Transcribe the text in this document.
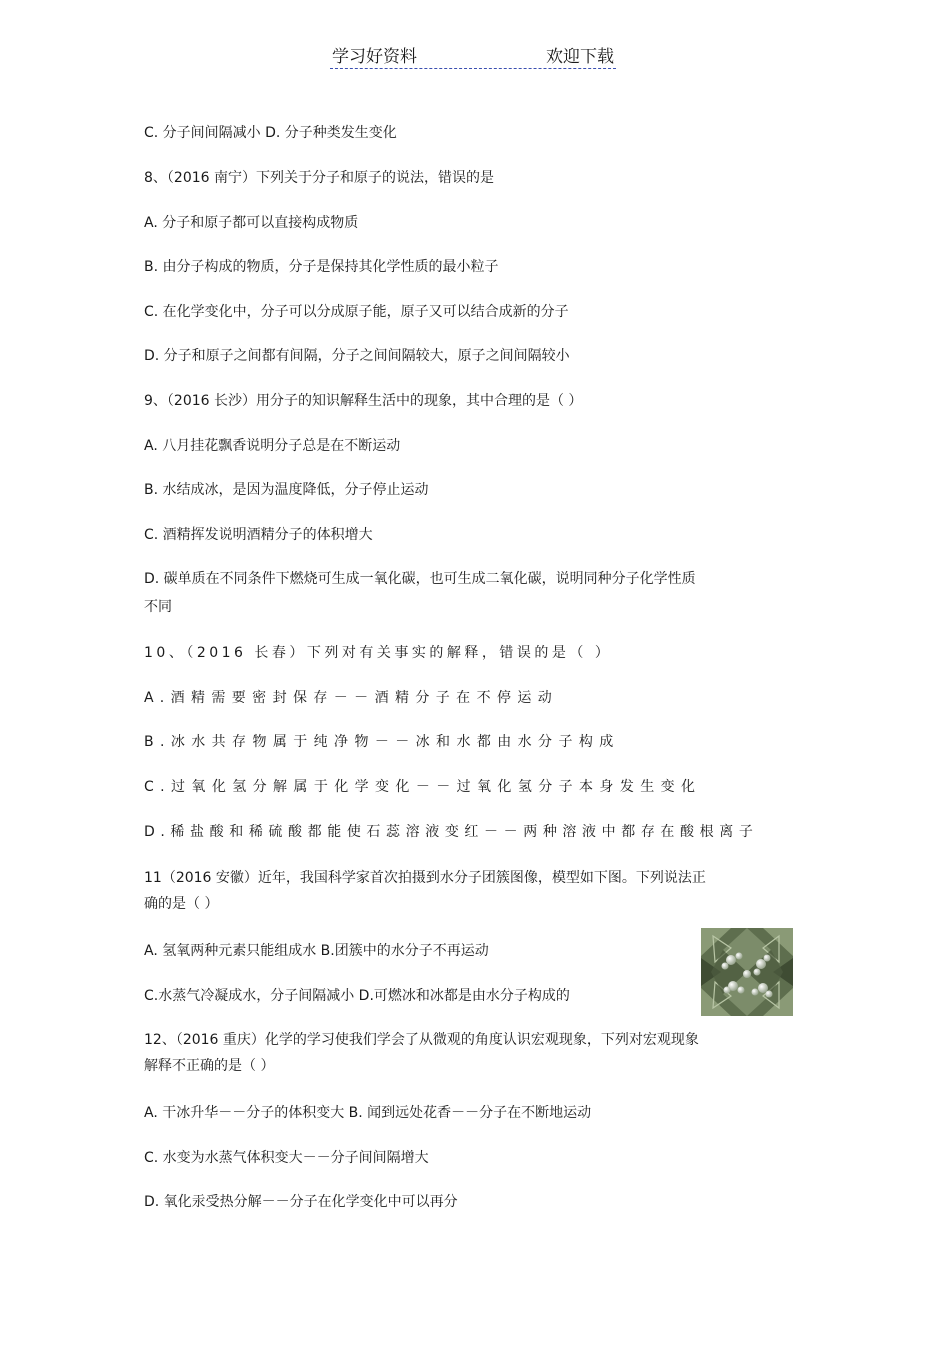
学习好资料	欢迎下载
C. 分子间间隔减小 D. 分子种类发生变化
8、（2016 南宁）下列关于分子和原子的说法，错误的是
A. 分子和原子都可以直接构成物质
B. 由分子构成的物质，分子是保持其化学性质的最小粒子
C. 在化学变化中，分子可以分成原子能，原子又可以结合成新的分子
D. 分子和原子之间都有间隔，分子之间间隔较大，原子之间间隔较小
9、（2016 长沙）用分子的知识解释生活中的现象，其中合理的是（ ）
A. 八月挂花飘香说明分子总是在不断运动
B. 水结成冰，是因为温度降低，分子停止运动
C. 酒精挥发说明酒精分子的体积增大
D. 碳单质在不同条件下燃烧可生成一氧化碳，也可生成二氧化碳，说明同种分子化学性质
不同
10、（2016 长春）下列对有关事实的解释，错误的是（ ）
A.酒精需要密封保存－－酒精分子在不停运动
B.冰水共存物属于纯净物－－冰和水都由水分子构成
C.过氧化氢分解属于化学变化－－过氧化氢分子本身发生变化
D.稀盐酸和稀硫酸都能使石蕊溶液变红－－两种溶液中都存在酸根离子
11（2016 安徽）近年，我国科学家首次拍摄到水分子团簇图像，模型如下图。下列说法正
确的是（ ）
A. 氢氧两种元素只能组成水 B.团簇中的水分子不再运动
C.水蒸气冷凝成水，分子间隔减小 D.可燃冰和冰都是由水分子构成的
12、（2016 重庆）化学的学习使我们学会了从微观的角度认识宏观现象，下列对宏观现象
解释不正确的是（ ）
A. 干冰升华－－分子的体积变大 B. 闻到远处花香－－分子在不断地运动
C. 水变为水蒸气体积变大－－分子间间隔增大
D. 氧化汞受热分解－－分子在化学变化中可以再分
